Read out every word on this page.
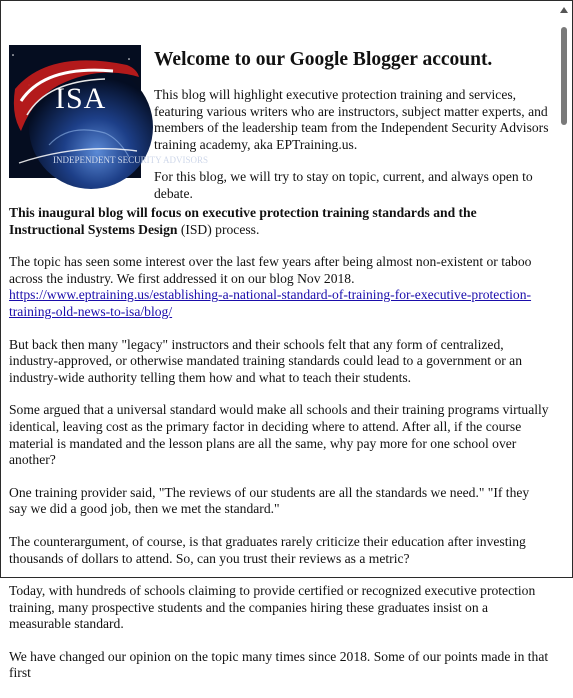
INDEPENDENT SECURITY ADVISORS
ISA
Welcome to our Google Blogger account.

This blog will highlight executive protection training and services, featuring various writers who are instructors, subject matter experts, and members of the leadership team from the Independent Security Advisors training academy, aka EPTraining.us.

For this blog, we will try to stay on topic, current, and always open to debate.

This inaugural blog will focus on executive protection training standards and the Instructional Systems Design (ISD) process.

The topic has seen some interest over the last few years after being almost non-existent or taboo across the industry. We first addressed it on our blog Nov 2018. https://www.eptraining.us/establishing-a-national-standard-of-training-for-executive-protection-training-old-news-to-isa/blog/

But back then many "legacy" instructors and their schools felt that any form of centralized, industry-approved, or otherwise mandated training standards could lead to a government or an industry-wide authority telling them how and what to teach their students.

Some argued that a universal standard would make all schools and their training programs virtually identical, leaving cost as the primary factor in deciding where to attend. After all, if the course material is mandated and the lesson plans are all the same, why pay more for one school over another?

One training provider said, "The reviews of our students are all the standards we need." "If they say we did a good job, then we met the standard."

The counterargument, of course, is that graduates rarely criticize their education after investing thousands of dollars to attend. So, can you trust their reviews as a metric?

Today, with hundreds of schools claiming to provide certified or recognized executive protection training, many prospective students and the companies hiring these graduates insist on a measurable standard.

We have changed our opinion on the topic many times since 2018. Some of our points made in that first
